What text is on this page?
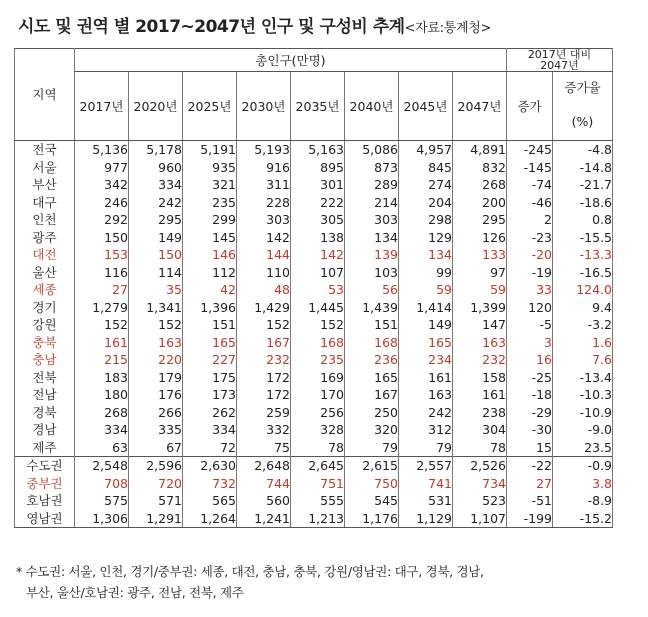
시도 및 권역 별 2017~2047년 인구 및 구성비 추계<자료:통계청>
지역	총인구(만명)								2017년 대비 2047년	
	2017년	2020년	2025년	2030년	2035년	2040년	2045년	2047년	증가	증가율
										(%)
전국	5,136	5,178	5,191	5,193	5,163	5,086	4,957	4,891	-245	-4.8
서울	977	960	935	916	895	873	845	832	-145	-14.8
부산	342	334	321	311	301	289	274	268	-74	-21.7
대구	246	242	235	228	222	214	204	200	-46	-18.6
인천	292	295	299	303	305	303	298	295	2	0.8
광주	150	149	145	142	138	134	129	126	-23	-15.5
대전	153	150	146	144	142	139	134	133	-20	-13.3
울산	116	114	112	110	107	103	99	97	-19	-16.5
세종	27	35	42	48	53	56	59	59	33	124.0
경기	1,279	1,341	1,396	1,429	1,445	1,439	1,414	1,399	120	9.4
강원	152	152	151	152	152	151	149	147	-5	-3.2
충북	161	163	165	167	168	168	165	163	3	1.6
충남	215	220	227	232	235	236	234	232	16	7.6
전북	183	179	175	172	169	165	161	158	-25	-13.4
전남	180	176	173	172	170	167	163	161	-18	-10.3
경북	268	266	262	259	256	250	242	238	-29	-10.9
경남	334	335	334	332	328	320	312	304	-30	-9.0
제주	63	67	72	75	78	79	79	78	15	23.5
수도권	2,548	2,596	2,630	2,648	2,645	2,615	2,557	2,526	-22	-0.9
중부권	708	720	732	744	751	750	741	734	27	3.8
호남권	575	571	565	560	555	545	531	523	-51	-8.9
영남권	1,306	1,291	1,264	1,241	1,213	1,176	1,129	1,107	-199	-15.2
* 수도권: 서울, 인천, 경기/중부권: 세종, 대전, 충남, 충북, 강원/영남권: 대구, 경북, 경남,
부산, 울산/호남권: 광주, 전남, 전북, 제주
